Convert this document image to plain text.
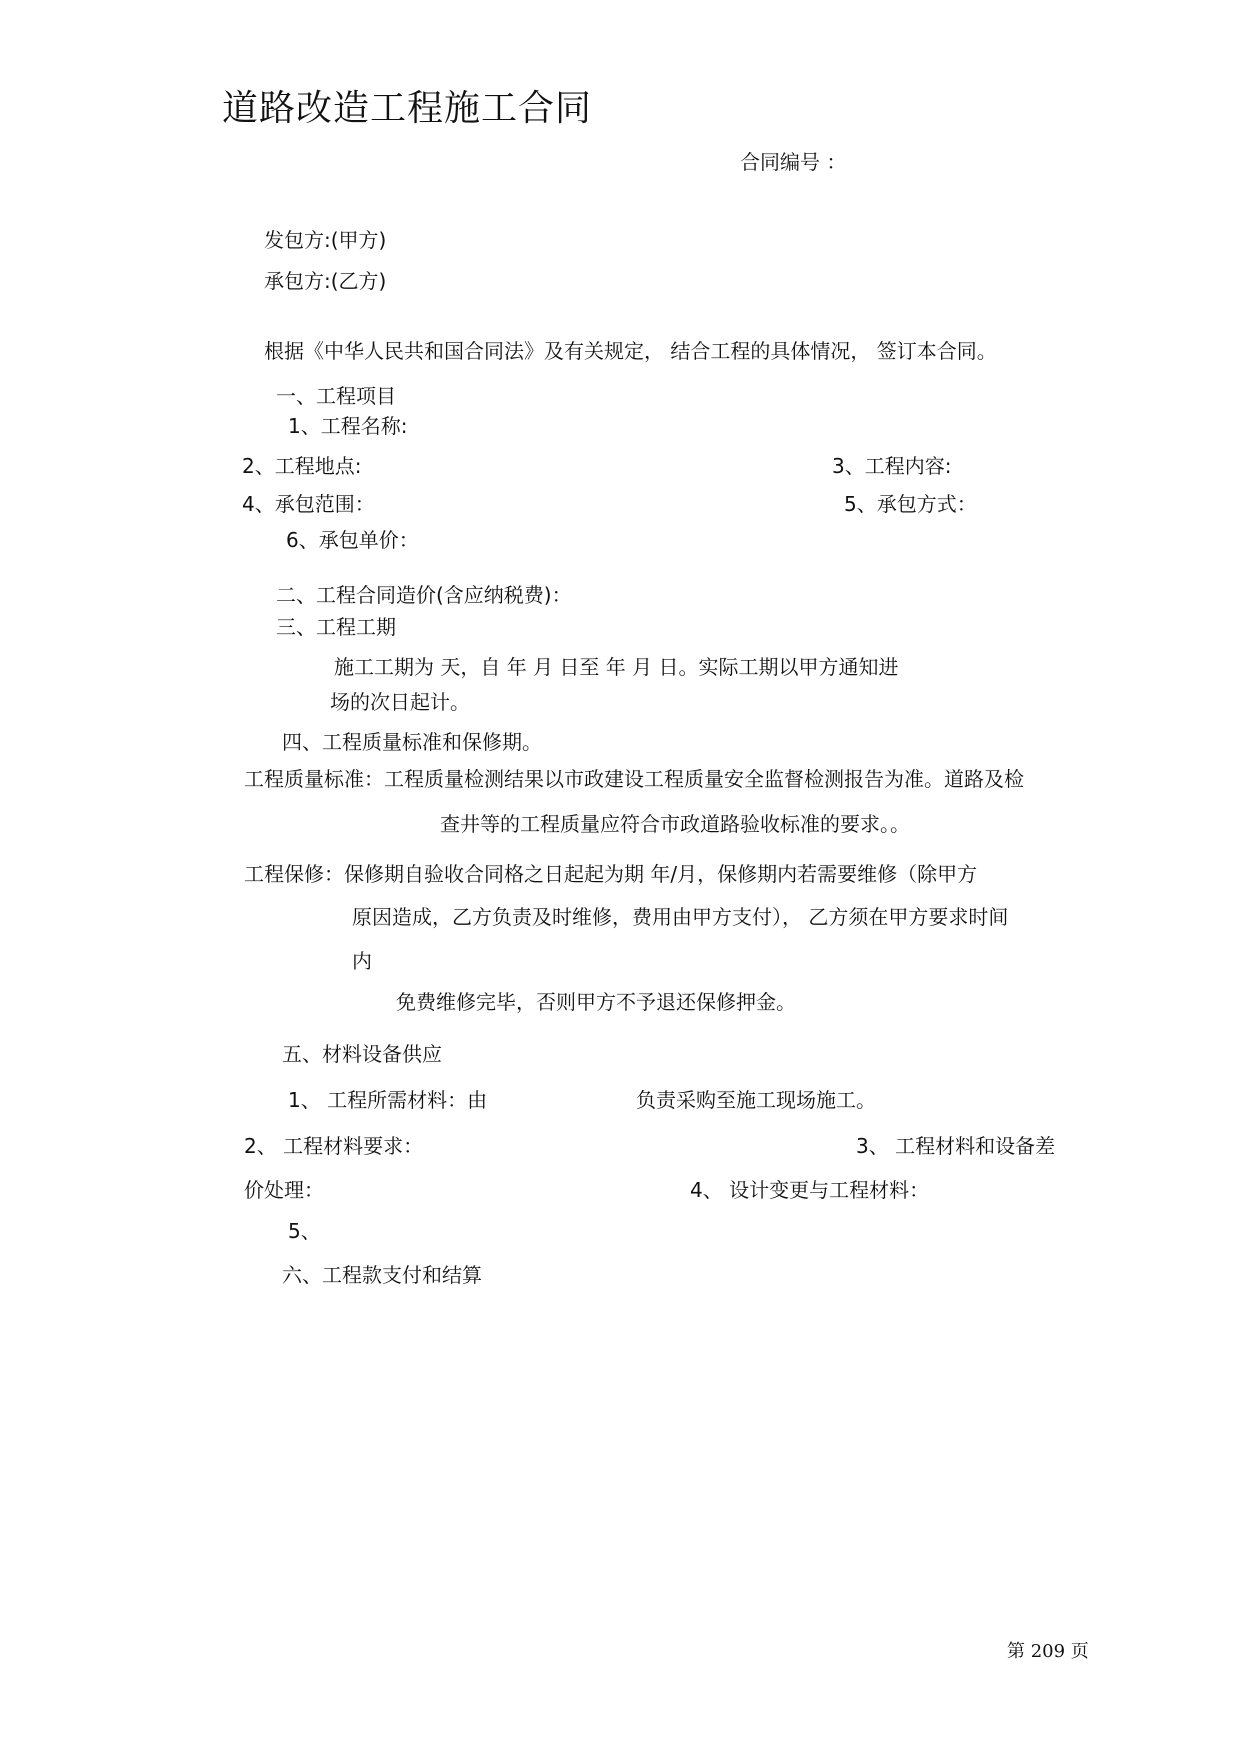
道路改造工程施工合同
合同编号 ：
发包方:(甲方)
承包方:(乙方)
根据《中华人民共和国合同法》及有关规定， 结合工程的具体情况， 签订本合同。
一、工程项目
1、工程名称:
2、工程地点:	3、工程内容:
4、承包范围：	5、承包方式：
6、承包单价：
二、工程合同造价(含应纳税费)：
三、工程工期
施工工期为 天，自 年 月 日至 年 月 日。实际工期以甲方通知进
场的次日起计。
四、工程质量标准和保修期。
工程质量标准：工程质量检测结果以市政建设工程质量安全监督检测报告为准。道路及检
查井等的工程质量应符合市政道路验收标准的要求。。
工程保修：保修期自验收合同格之日起起为期 年/月，保修期内若需要维修（除甲方
原因造成，乙方负责及时维修，费用由甲方支付）， 乙方须在甲方要求时间
内
免费维修完毕，否则甲方不予退还保修押金。
五、材料设备供应
1、 工程所需材料：由	负责采购至施工现场施工。
2、 工程材料要求：	3、 工程材料和设备差
价处理：	4、 设计变更与工程材料：
5、
六、工程款支付和结算
第 209 页
